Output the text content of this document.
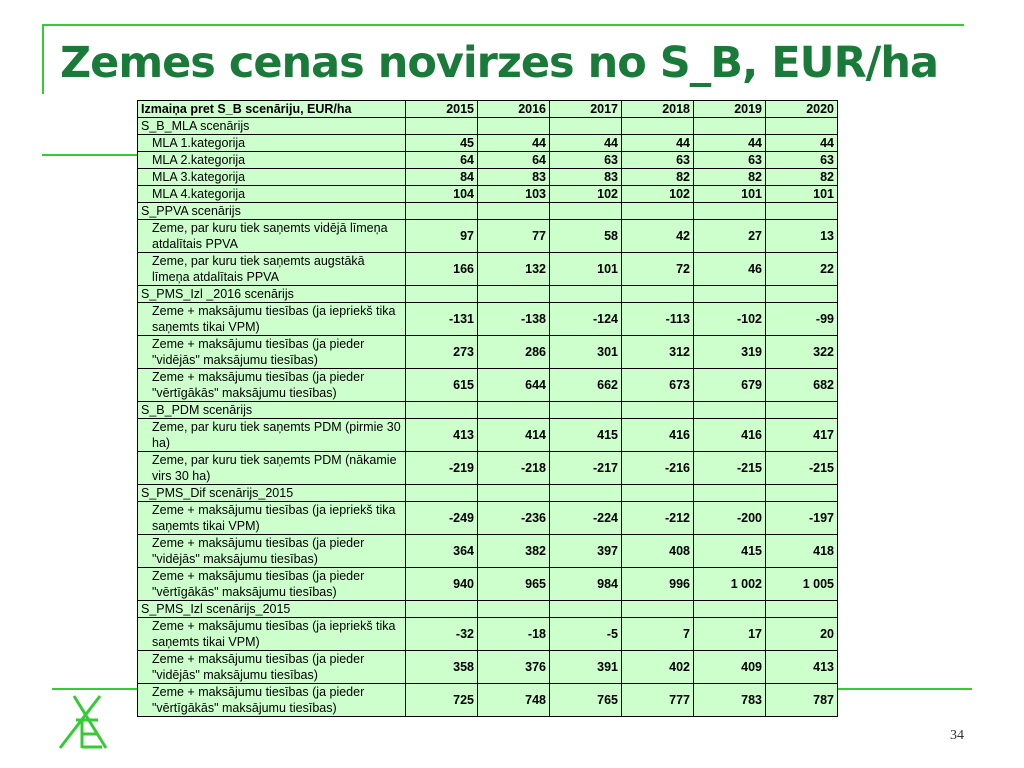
Zemes cenas novirzes no S_B, EUR/ha
Izmaiņa pret S_B scenāriju, EUR/ha	2015	2016	2017	2018	2019	2020
S_B_MLA scenārijs						
MLA 1.kategorija	45	44	44	44	44	44
MLA 2.kategorija	64	64	63	63	63	63
MLA 3.kategorija	84	83	83	82	82	82
MLA 4.kategorija	104	103	102	102	101	101
S_PPVA scenārijs						
Zeme, par kuru tiek saņemts vidējā līmeņa atdalītais PPVA	97	77	58	42	27	13
Zeme, par kuru tiek saņemts augstākā līmeņa atdalītais PPVA	166	132	101	72	46	22
S_PMS_Izl _2016 scenārijs						
Zeme + maksājumu tiesības (ja iepriekš tika saņemts tikai VPM)	-131	-138	-124	-113	-102	-99
Zeme + maksājumu tiesības (ja pieder "vidējās" maksājumu tiesības)	273	286	301	312	319	322
Zeme + maksājumu tiesības (ja pieder "vērtīgākās" maksājumu tiesības)	615	644	662	673	679	682
S_B_PDM scenārijs						
Zeme, par kuru tiek saņemts PDM (pirmie 30 ha)	413	414	415	416	416	417
Zeme, par kuru tiek saņemts PDM (nākamie virs 30 ha)	-219	-218	-217	-216	-215	-215
S_PMS_Dif scenārijs_2015						
Zeme + maksājumu tiesības (ja iepriekš tika saņemts tikai VPM)	-249	-236	-224	-212	-200	-197
Zeme + maksājumu tiesības (ja pieder "vidējās" maksājumu tiesības)	364	382	397	408	415	418
Zeme + maksājumu tiesības (ja pieder "vērtīgākās" maksājumu tiesības)	940	965	984	996	1 002	1 005
S_PMS_Izl scenārijs_2015						
Zeme + maksājumu tiesības (ja iepriekš tika saņemts tikai VPM)	-32	-18	-5	7	17	20
Zeme + maksājumu tiesības (ja pieder "vidējās" maksājumu tiesības)	358	376	391	402	409	413
Zeme + maksājumu tiesības (ja pieder "vērtīgākās" maksājumu tiesības)	725	748	765	777	783	787
34
